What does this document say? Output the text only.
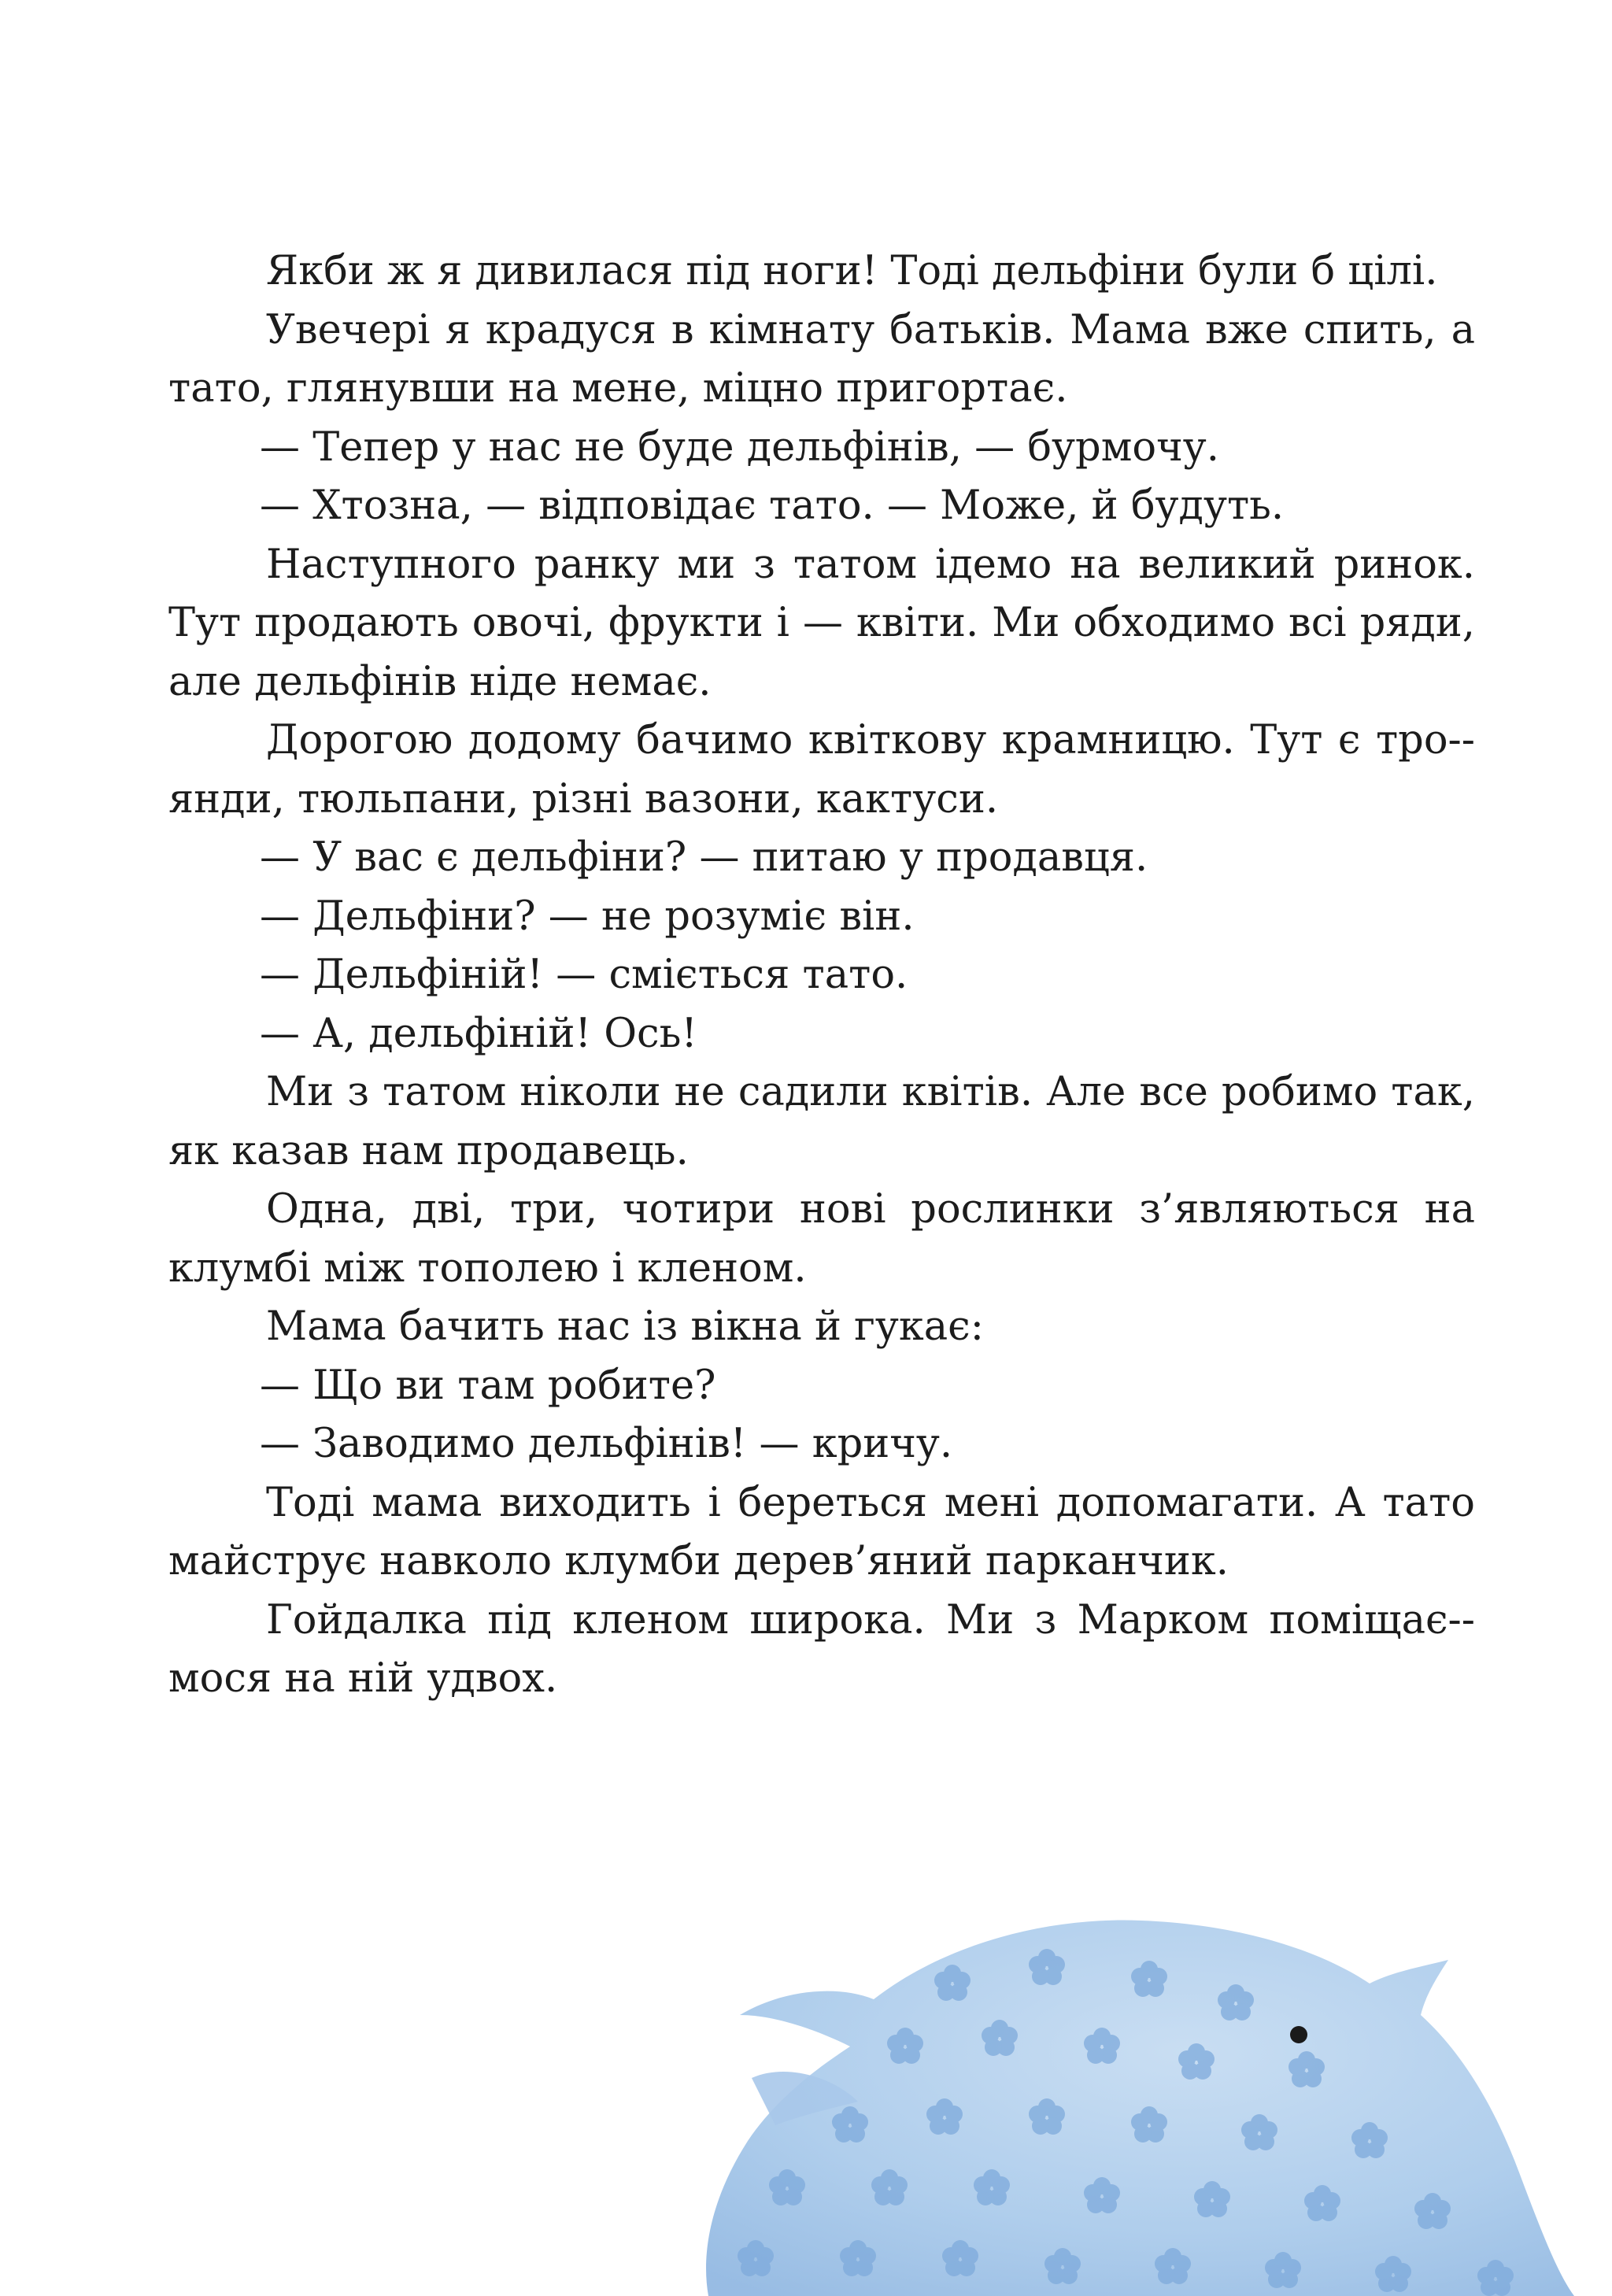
Якби ж я дивилася під ноги! Тоді дельфіни були б цілі.

Увечері я крадуся в кімнату батьків. Мама вже спить, а тато, глянувши на мене, міцно пригортає.

— Тепер у нас не буде дельфінів, — бурмочу.

— Хтозна, — відповідає тато. — Може, й будуть.

Наступного ранку ми з татом ідемо на великий ринок. Тут продають овочі, фрукти і — квіти. Ми обходимо всі ряди, але дельфінів ніде немає.

Дорогою додому бачимо квіткову крамницю. Тут є тро-янди, тюльпани, різні вазони, кактуси.

— У вас є дельфіни? — питаю у продавця.

— Дельфіни? — не розуміє він.

— Дельфіній! — сміється тато.

— А, дельфіній! Ось!

Ми з татом ніколи не садили квітів. Але все робимо так, як казав нам продавець.

Одна, дві, три, чотири нові рослинки з’являються на клумбі між тополею і кленом.

Мама бачить нас із вікна й гукає:

— Що ви там робите?

— Заводимо дельфінів! — кричу.

Тоді мама виходить і береться мені допомагати. А тато майструє навколо клумби дерев’яний парканчик.

Гойдалка під кленом широка. Ми з Марком поміщає-мося на ній удвох.
